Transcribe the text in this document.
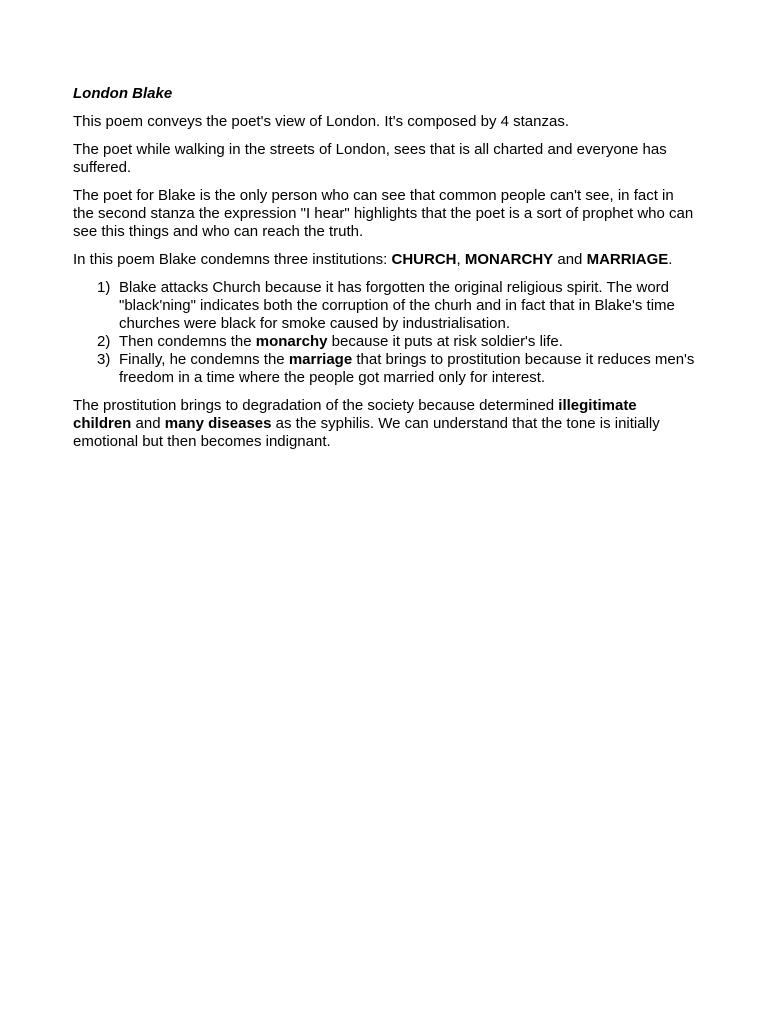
London Blake

This poem conveys the poet's view of London. It's composed by 4 stanzas.

The poet while walking in the streets of London, sees that is all charted and everyone has suffered.

The poet for Blake is the only person who can see that common people can't see, in fact in the second stanza the expression "I hear" highlights that the poet is a sort of prophet who can see this things and who can reach the truth.

In this poem Blake condemns three institutions: CHURCH, MONARCHY and MARRIAGE.

1) Blake attacks Church because it has forgotten the original religious spirit. The word "black'ning" indicates both the corruption of the churh and in fact that in Blake's time churches were black for smoke caused by industrialisation.
2) Then condemns the monarchy because it puts at risk soldier's life.
3) Finally, he condemns the marriage that brings to prostitution because it reduces men's freedom in a time where the people got married only for interest.

The prostitution brings to degradation of the society because determined illegitimate children and many diseases as the syphilis. We can understand that the tone is initially emotional but then becomes indignant.
